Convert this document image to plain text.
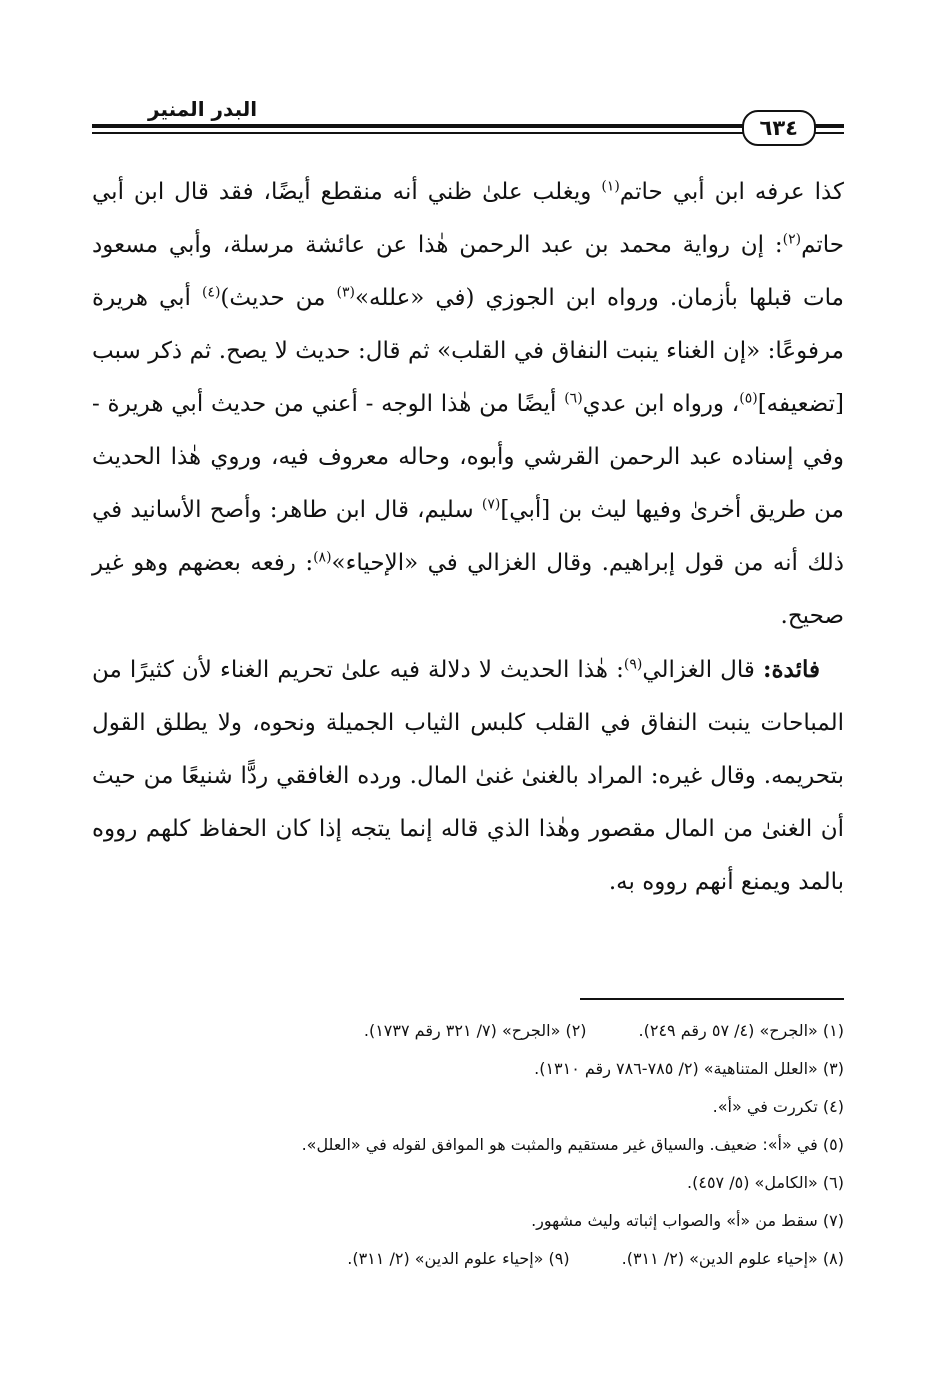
البدر المنير
٦٣٤

كذا عرفه ابن أبي حاتم$^{(١)}$ ويغلب علىٰ ظني أنه منقطع أيضًا، فقد قال ابن أبي حاتم$^{(٢)}$: إن رواية محمد بن عبد الرحمن هٰذا عن عائشة مرسلة، وأبي مسعود مات قبلها بأزمان. ورواه ابن الجوزي (في «علله»$^{(٣)}$ من حديث)$^{(٤)}$ أبي هريرة مرفوعًا: «إن الغناء ينبت النفاق في القلب» ثم قال: حديث لا يصح. ثم ذكر سبب [تضعيفه]$^{(٥)}$، ورواه ابن عدي$^{(٦)}$ أيضًا من هٰذا الوجه - أعني من حديث أبي هريرة - وفي إسناده عبد الرحمن القرشي وأبوه، وحاله معروف فيه، وروي هٰذا الحديث من طريق أخرىٰ وفيها ليث بن [أبي]$^{(٧)}$ سليم، قال ابن طاهر: وأصح الأسانيد في ذلك أنه من قول إبراهيم. وقال الغزالي في «الإحياء»$^{(٨)}$: رفعه بعضهم وهو غير صحيح.

فائدة: قال الغزالي$^{(٩)}$: هٰذا الحديث لا دلالة فيه علىٰ تحريم الغناء لأن كثيرًا من المباحات ينبت النفاق في القلب كلبس الثياب الجميلة ونحوه، ولا يطلق القول بتحريمه. وقال غيره: المراد بالغنىٰ غنىٰ المال. ورده الغافقي ردًّا شنيعًا من حيث أن الغنىٰ من المال مقصور وهٰذا الذي قاله إنما يتجه إذا كان الحفاظ كلهم رووه بالمد ويمنع أنهم رووه به.

(١) «الجرح» (٤/ ٥٧ رقم ٢٤٩).(٢) «الجرح» (٧/ ٣٢١ رقم ١٧٣٧).
(٣) «العلل المتناهية» (٢/ ٧٨٥-٧٨٦ رقم ١٣١٠).
(٤) تكررت في «أ».
(٥) في «أ»: ضعيف. والسياق غير مستقيم والمثبت هو الموافق لقوله في «العلل».
(٦) «الكامل» (٥/ ٤٥٧).
(٧) سقط من «أ» والصواب إثباته وليث مشهور.
(٨) «إحياء علوم الدين» (٢/ ٣١١).(٩) «إحياء علوم الدين» (٢/ ٣١١).
